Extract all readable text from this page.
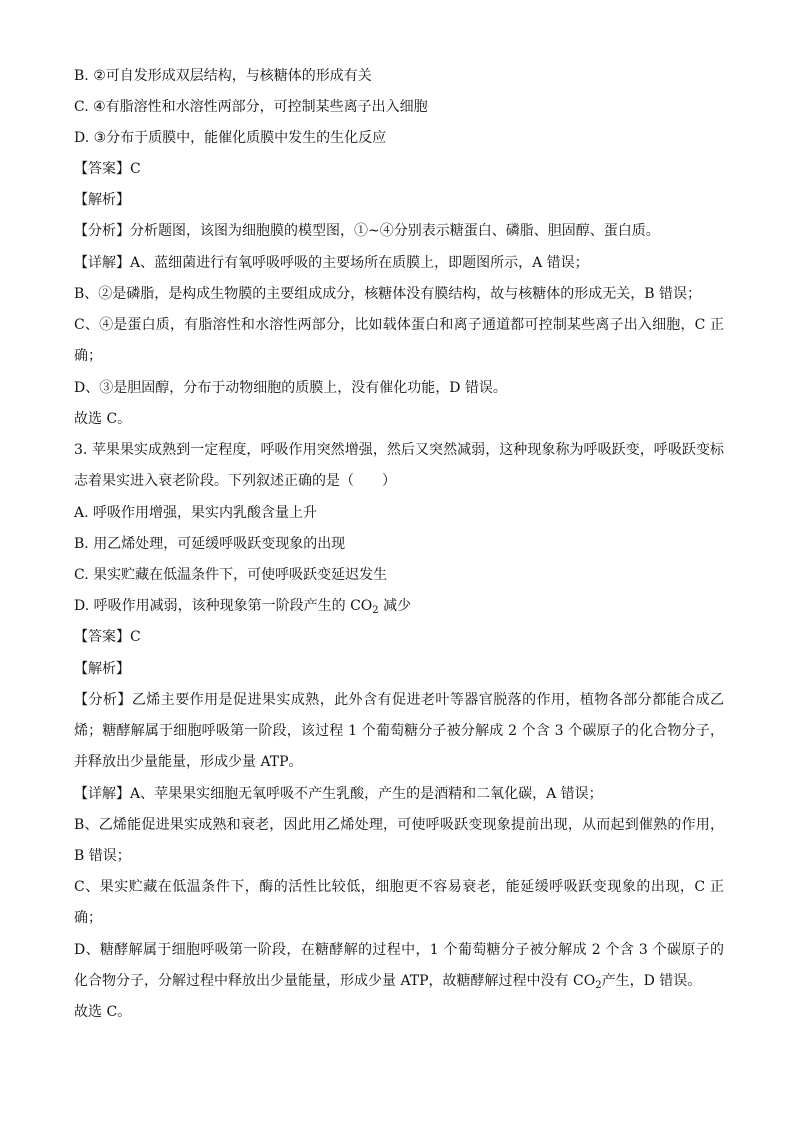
B. ②可自发形成双层结构，与核糖体的形成有关
C. ④有脂溶性和水溶性两部分，可控制某些离子出入细胞
D. ③分布于质膜中，能催化质膜中发生的生化反应
【答案】C
【解析】
【分析】分析题图，该图为细胞膜的模型图，①~④分别表示糖蛋白、磷脂、胆固醇、蛋白质。
【详解】A、蓝细菌进行有氧呼吸呼吸的主要场所在质膜上，即题图所示，A 错误；
B、②是磷脂，是构成生物膜的主要组成成分，核糖体没有膜结构，故与核糖体的形成无关，B 错误；
C、④是蛋白质，有脂溶性和水溶性两部分，比如载体蛋白和离子通道都可控制某些离子出入细胞，C 正
确；
D、③是胆固醇，分布于动物细胞的质膜上，没有催化功能，D 错误。
故选 C。
3. 苹果果实成熟到一定程度，呼吸作用突然增强，然后又突然减弱，这种现象称为呼吸跃变，呼吸跃变标
志着果实进入衰老阶段。下列叙述正确的是（　　）
A. 呼吸作用增强，果实内乳酸含量上升
B. 用乙烯处理，可延缓呼吸跃变现象的出现
C. 果实贮藏在低温条件下，可使呼吸跃变延迟发生
D. 呼吸作用减弱，该种现象第一阶段产生的 $CO_2$ 减少
【答案】C
【解析】
【分析】乙烯主要作用是促进果实成熟，此外含有促进老叶等器官脱落的作用，植物各部分都能合成乙
烯；糖酵解属于细胞呼吸第一阶段，该过程 1 个葡萄糖分子被分解成 2 个含 3 个碳原子的化合物分子，
并释放出少量能量，形成少量 ATP。
【详解】A、苹果果实细胞无氧呼吸不产生乳酸，产生的是酒精和二氧化碳，A 错误；
B、乙烯能促进果实成熟和衰老，因此用乙烯处理，可使呼吸跃变现象提前出现，从而起到催熟的作用，
B 错误；
C、果实贮藏在低温条件下，酶的活性比较低，细胞更不容易衰老，能延缓呼吸跃变现象的出现，C 正
确；
D、糖酵解属于细胞呼吸第一阶段，在糖酵解的过程中，1 个葡萄糖分子被分解成 2 个含 3 个碳原子的
化合物分子，分解过程中释放出少量能量，形成少量 ATP，故糖酵解过程中没有 $CO_2$产生，D 错误。
故选 C。
